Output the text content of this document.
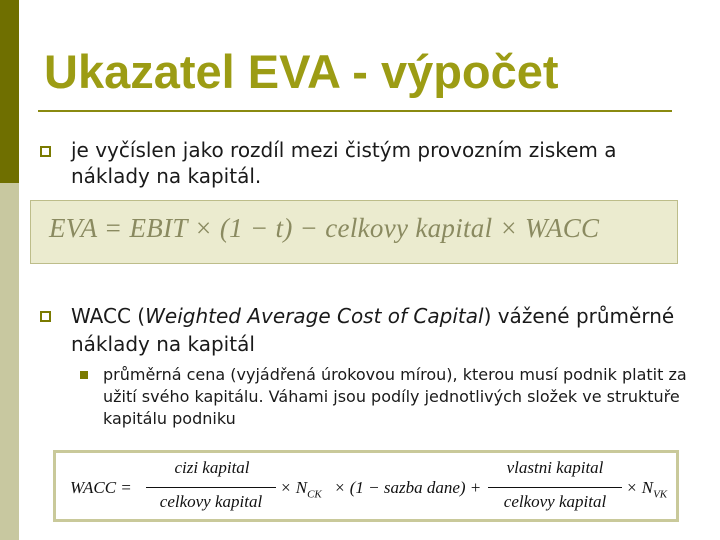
Ukazatel EVA - výpočet
je vyčíslen jako rozdíl mezi čistým provozním ziskem a náklady na kapitál.
EVA = EBIT × (1 − t) − celkovy kapital × WACC
WACC (Weighted Average Cost of Capital) vážené průměrné náklady na kapitál
průměrná cena (vyjádřená úrokovou mírou), kterou musí podnik platit za užití svého kapitálu. Váhami jsou podíly jednotlivých složek ve struktuře kapitálu podniku
WACC =
cizi kapital
celkovy kapital
× $N_{CK} \times (1$ − sazba dane) +
vlastni kapital
celkovy kapital
× $N_{VK}$
